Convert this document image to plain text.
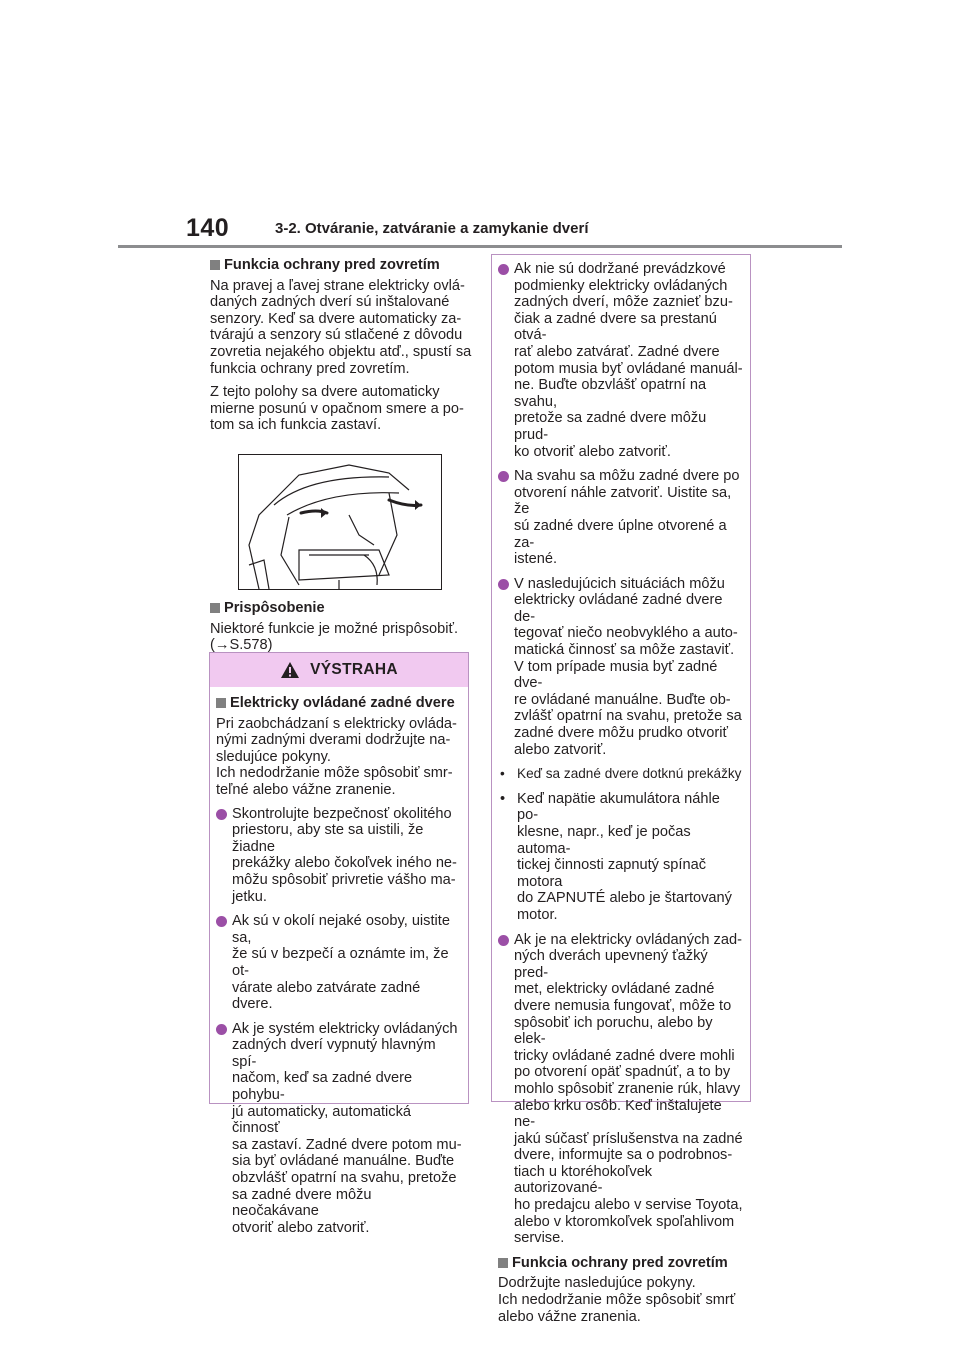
140	3-2. Otváranie, zatváranie a zamykanie dverí
Funkcia ochrany pred zovretím

Na pravej a ľavej strane elektricky ovlá-
daných zadných dverí sú inštalované
senzory. Keď sa dvere automaticky za-
tvárajú a senzory sú stlačené z dôvodu
zovretia nejakého objektu atď., spustí sa
funkcia ochrany pred zovretím.

Z tejto polohy sa dvere automaticky
mierne posunú v opačnom smere a po-
tom sa ich funkcia zastaví.

Prispôsobenie

Niektoré funkcie je možné prispôsobiť.
(→S.578)

VÝSTRAHA
Elektricky ovládané zadné dvere

Pri zaobchádzaní s elektricky ovláda-
nými zadnými dverami dodržujte na-
sledujúce pokyny.
Ich nedodržanie môže spôsobiť smr-
teľné alebo vážne zranenie.

Skontrolujte bezpečnosť okolitého
priestoru, aby ste sa uistili, že žiadne
prekážky alebo čokoľvek iného ne-
môžu spôsobiť privretie vášho ma-
jetku.
Ak sú v okolí nejaké osoby, uistite sa,
že sú v bezpečí a oznámte im, že ot-
várate alebo zatvárate zadné dvere.
Ak je systém elektricky ovládaných
zadných dverí vypnutý hlavným spí-
načom, keď sa zadné dvere pohybu-
jú automaticky, automatická činnosť
sa zastaví. Zadné dvere potom mu-
sia byť ovládané manuálne. Buďte
obzvlášť opatrní na svahu, pretože
sa zadné dvere môžu neočakávane
otvoriť alebo zatvoriť.
Ak nie sú dodržané prevádzkové
podmienky elektricky ovládaných
zadných dverí, môže zaznieť bzu-
čiak a zadné dvere sa prestanú otvá-
rať alebo zatvárať. Zadné dvere
potom musia byť ovládané manuál-
ne. Buďte obzvlášť opatrní na svahu,
pretože sa zadné dvere môžu prud-
ko otvoriť alebo zatvoriť.
Na svahu sa môžu zadné dvere po
otvorení náhle zatvoriť. Uistite sa, že
sú zadné dvere úplne otvorené a za-
istené.
V nasledujúcich situáciách môžu
elektricky ovládané zadné dvere de-
tegovať niečo neobvyklého a auto-
matická činnosť sa môže zastaviť.
V tom prípade musia byť zadné dve-
re ovládané manuálne. Buďte ob-
zvlášť opatrní na svahu, pretože sa
zadné dvere môžu prudko otvoriť
alebo zatvoriť.
• Keď sa zadné dvere dotknú prekážky
• Keď napätie akumulátora náhle po-
klesne, napr., keď je počas automa-
tickej činnosti zapnutý spínač motora
do ZAPNUTÉ alebo je štartovaný
motor.
Ak je na elektricky ovládaných zad-
ných dverách upevnený ťažký pred-
met, elektricky ovládané zadné
dvere nemusia fungovať, môže to
spôsobiť ich poruchu, alebo by elek-
tricky ovládané zadné dvere mohli
po otvorení opäť spadnúť, a to by
mohlo spôsobiť zranenie rúk, hlavy
alebo krku osôb. Keď inštalujete ne-
jakú súčasť príslušenstva na zadné
dvere, informujte sa o podrobnos-
tiach u ktoréhokoľvek autorizované-
ho predajcu alebo v servise Toyota,
alebo v ktoromkoľvek spoľahlivom
servise.
Funkcia ochrany pred zovretím

Dodržujte nasledujúce pokyny.
Ich nedodržanie môže spôsobiť smrť
alebo vážne zranenia.
